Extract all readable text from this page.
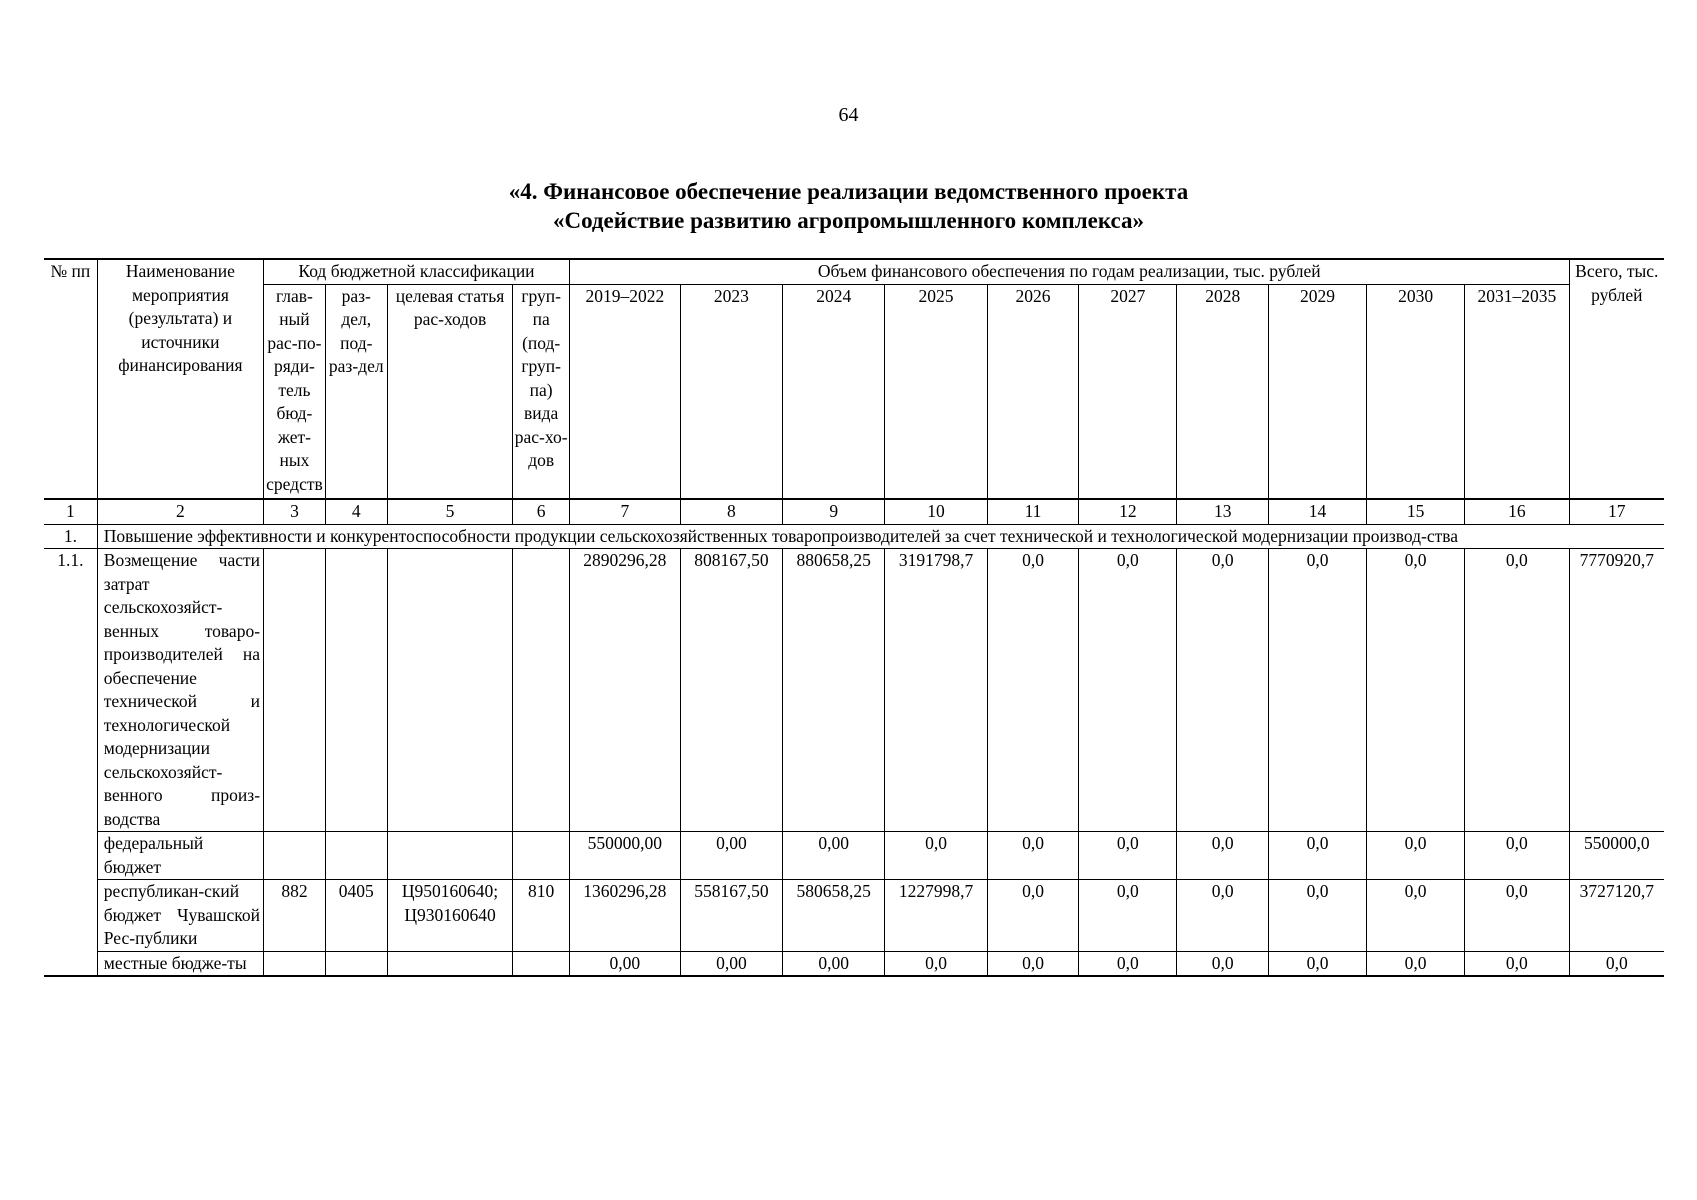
64
«4. Финансовое обеспечение реализации ведомственного проекта
«Содействие развитию агропромышленного комплекса»
№ пп	Наименование мероприятия (результата) и источники финансирования	Код бюджетной классификации				Объем финансового обеспечения по годам реализации, тыс. рублей										Всего, тыс. рублей
		глав-ный рас-по-ряди-тель бюд-жет-ных средств	раз-дел, под-раз-дел	целевая статья рас-ходов	груп-па (под-груп-па) вида рас-хо-дов	2019–2022	2023	2024	2025	2026	2027	2028	2029	2030	2031–2035	
1	2	3	4	5	6	7	8	9	10	11	12	13	14	15	16	17
1.	Повышение эффективности и конкурентоспособности продукции сельскохозяйственных товаропроизводителей за счет технической и технологической модернизации производ-ства															
1.1.	Возмещение части затрат сельскохозяйст-венных товаро-производителей на обеспечение технической и технологической модернизации сельскохозяйст-венного произ-водства					2890296,28	808167,50	880658,25	3191798,7	0,0	0,0	0,0	0,0	0,0	0,0	7770920,7
	федеральный бюджет					550000,00	0,00	0,00	0,0	0,0	0,0	0,0	0,0	0,0	0,0	550000,0
	республикан-ский бюджет Чувашской Рес-публики	882	0405	Ц950160640; Ц930160640	810	1360296,28	558167,50	580658,25	1227998,7	0,0	0,0	0,0	0,0	0,0	0,0	3727120,7
	местные бюдже-ты					0,00	0,00	0,00	0,0	0,0	0,0	0,0	0,0	0,0	0,0	0,0
